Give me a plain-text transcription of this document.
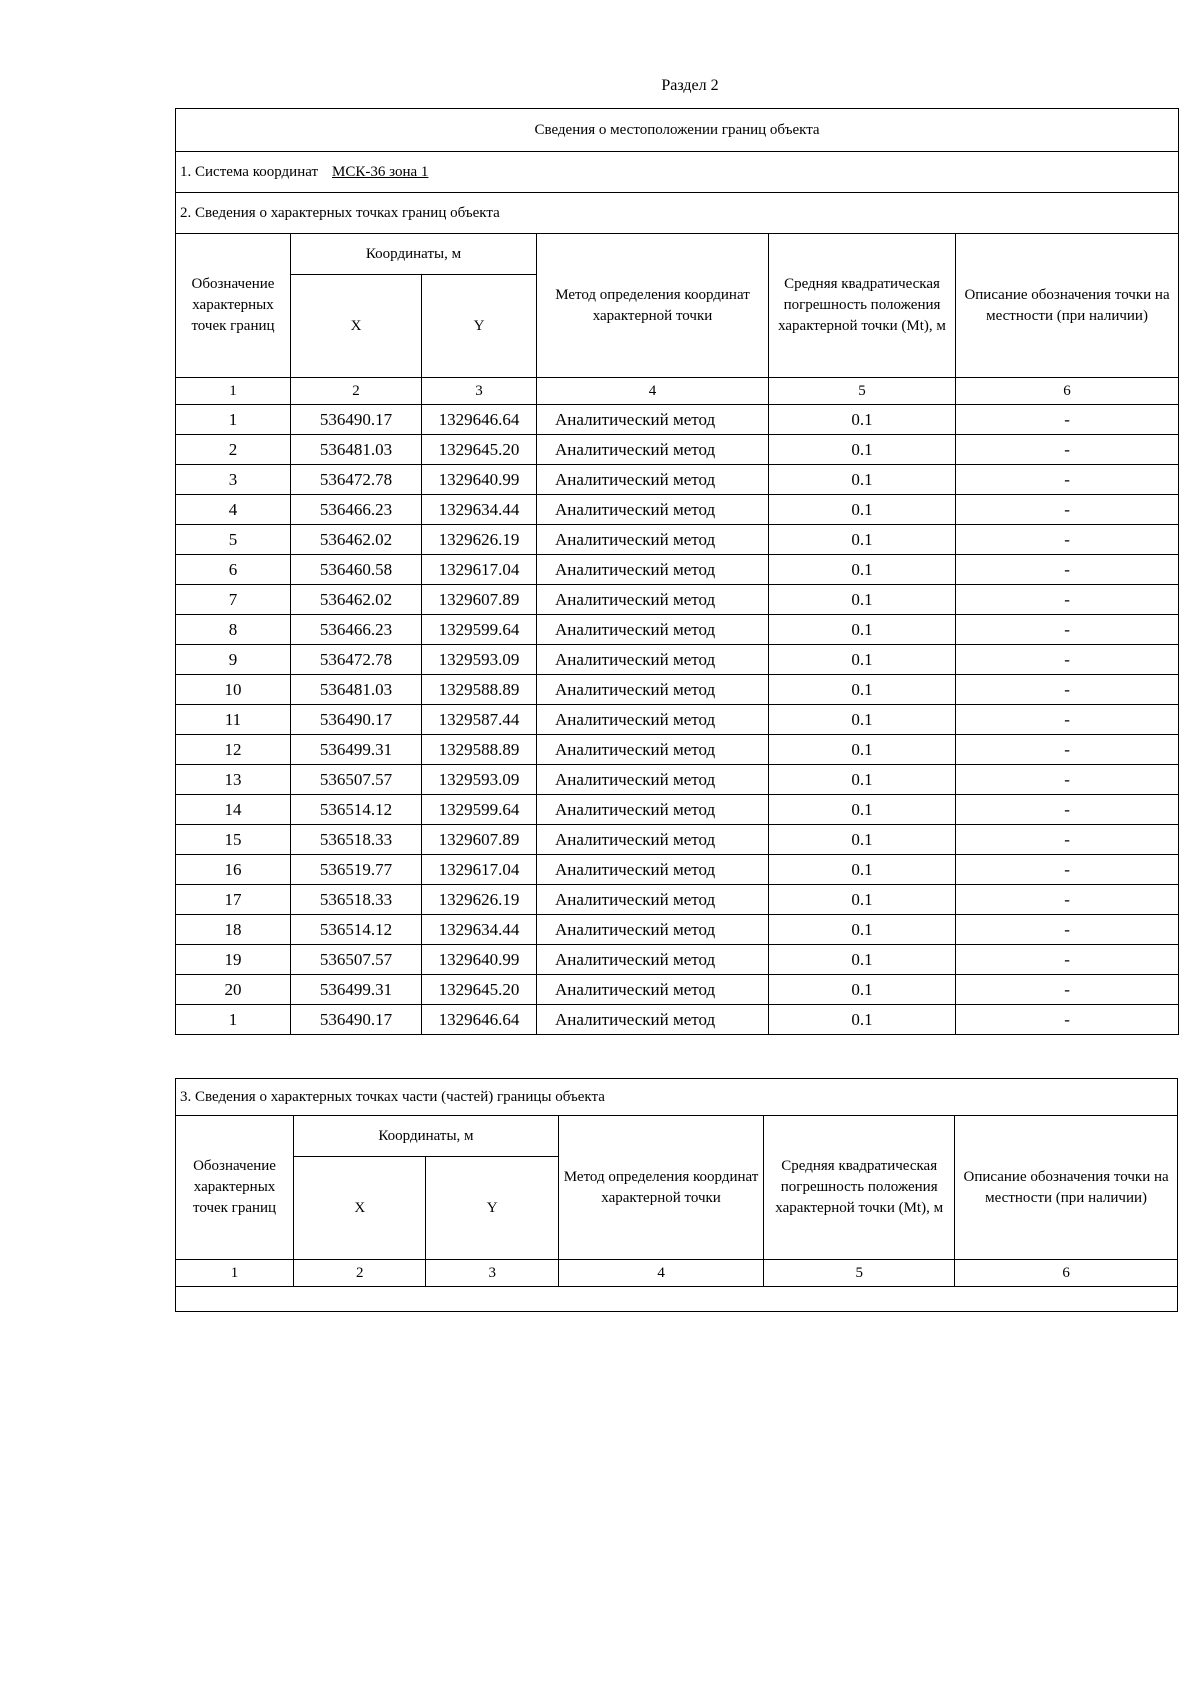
Раздел 2
Сведения о местоположении границ объекта					
1. Система координат МСК-36 зона 1					
2. Сведения о характерных точках границ объекта					
Обозначение характерных точек границ	Координаты, м		Метод определения координат характерной точки	Средняя квадратическая погрешность положения характерной точки (Mt), м	Описание обозначения точки на местности (при наличии)
	X	Y			
1	2	3	4	5	6
1	536490.17	1329646.64	Аналитический метод	0.1	-
2	536481.03	1329645.20	Аналитический метод	0.1	-
3	536472.78	1329640.99	Аналитический метод	0.1	-
4	536466.23	1329634.44	Аналитический метод	0.1	-
5	536462.02	1329626.19	Аналитический метод	0.1	-
6	536460.58	1329617.04	Аналитический метод	0.1	-
7	536462.02	1329607.89	Аналитический метод	0.1	-
8	536466.23	1329599.64	Аналитический метод	0.1	-
9	536472.78	1329593.09	Аналитический метод	0.1	-
10	536481.03	1329588.89	Аналитический метод	0.1	-
11	536490.17	1329587.44	Аналитический метод	0.1	-
12	536499.31	1329588.89	Аналитический метод	0.1	-
13	536507.57	1329593.09	Аналитический метод	0.1	-
14	536514.12	1329599.64	Аналитический метод	0.1	-
15	536518.33	1329607.89	Аналитический метод	0.1	-
16	536519.77	1329617.04	Аналитический метод	0.1	-
17	536518.33	1329626.19	Аналитический метод	0.1	-
18	536514.12	1329634.44	Аналитический метод	0.1	-
19	536507.57	1329640.99	Аналитический метод	0.1	-
20	536499.31	1329645.20	Аналитический метод	0.1	-
1	536490.17	1329646.64	Аналитический метод	0.1	-
3. Сведения о характерных точках части (частей) границы объекта					
Обозначение характерных точек границ	Координаты, м		Метод определения координат характерной точки	Средняя квадратическая погрешность положения характерной точки (Mt), м	Описание обозначения точки на местности (при наличии)
	X	Y			
1	2	3	4	5	6
